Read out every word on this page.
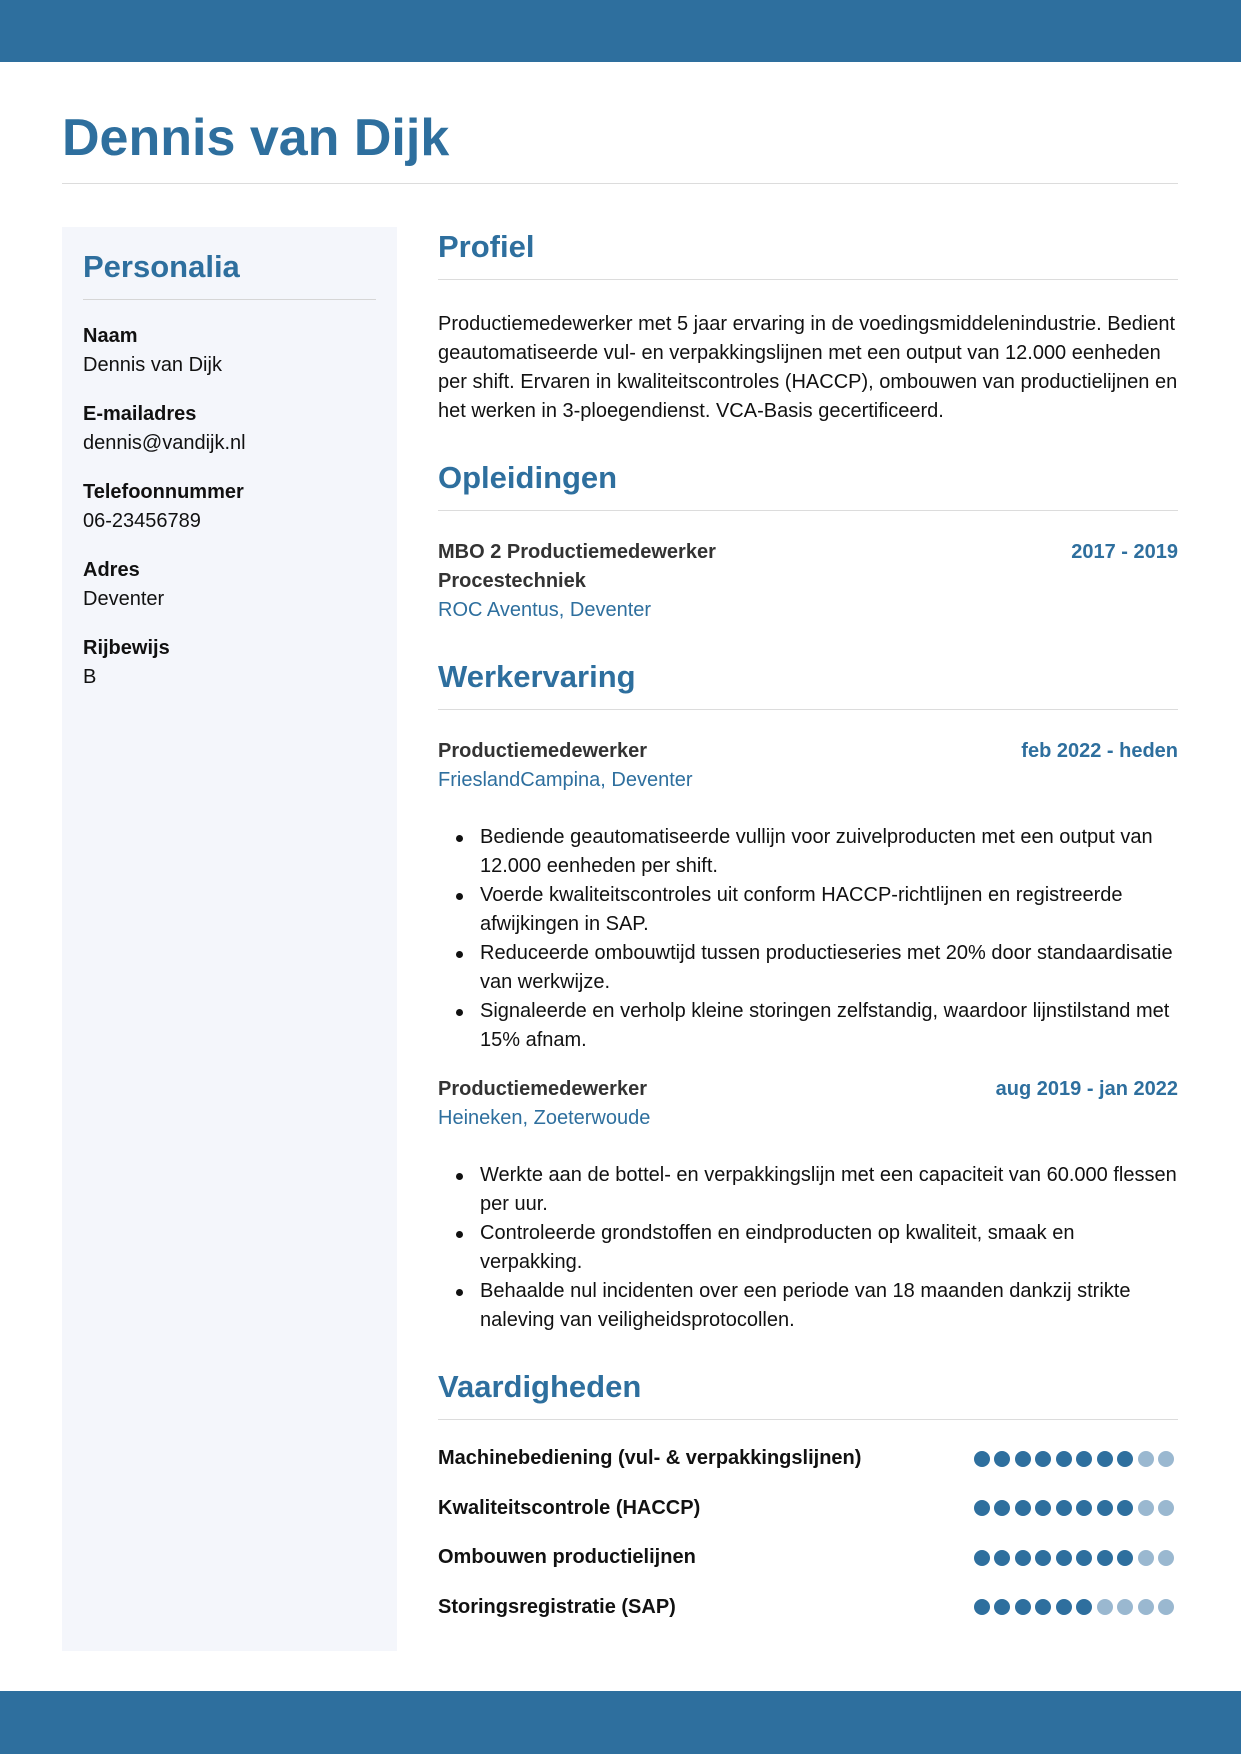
Dennis van Dijk
Personalia
Naam
Dennis van Dijk
E-mailadres
dennis@vandijk.nl
Telefoonnummer
06-23456789
Adres
Deventer
Rijbewijs
B
Profiel

Productiemedewerker met 5 jaar ervaring in de voedingsmiddelenindustrie. Bedient geautomatiseerde vul- en verpakkingslijnen met een output van 12.000 eenheden per shift. Ervaren in kwaliteitscontroles (HACCP), ombouwen van productielijnen en het werken in 3-ploegendienst. VCA-Basis gecertificeerd.

Opleidingen
MBO 2 Productiemedewerker Procestechniek
2017 - 2019
ROC Aventus, Deventer
Werkervaring
Productiemedewerker	feb 2022 - heden
FrieslandCampina, Deventer
Bediende geautomatiseerde vullijn voor zuivelproducten met een output van 12.000 eenheden per shift.
Voerde kwaliteitscontroles uit conform HACCP-richtlijnen en registreerde afwijkingen in SAP.
Reduceerde ombouwtijd tussen productieseries met 20% door standaardisatie van werkwijze.
Signaleerde en verholp kleine storingen zelfstandig, waardoor lijnstilstand met 15% afnam.
Productiemedewerker	aug 2019 - jan 2022
Heineken, Zoeterwoude
Werkte aan de bottel- en verpakkingslijn met een capaciteit van 60.000 flessen per uur.
Controleerde grondstoffen en eindproducten op kwaliteit, smaak en verpakking.
Behaalde nul incidenten over een periode van 18 maanden dankzij strikte naleving van veiligheidsprotocollen.
Vaardigheden
Machinebediening (vul- & verpakkingslijnen)
Kwaliteitscontrole (HACCP)
Ombouwen productielijnen
Storingsregistratie (SAP)
